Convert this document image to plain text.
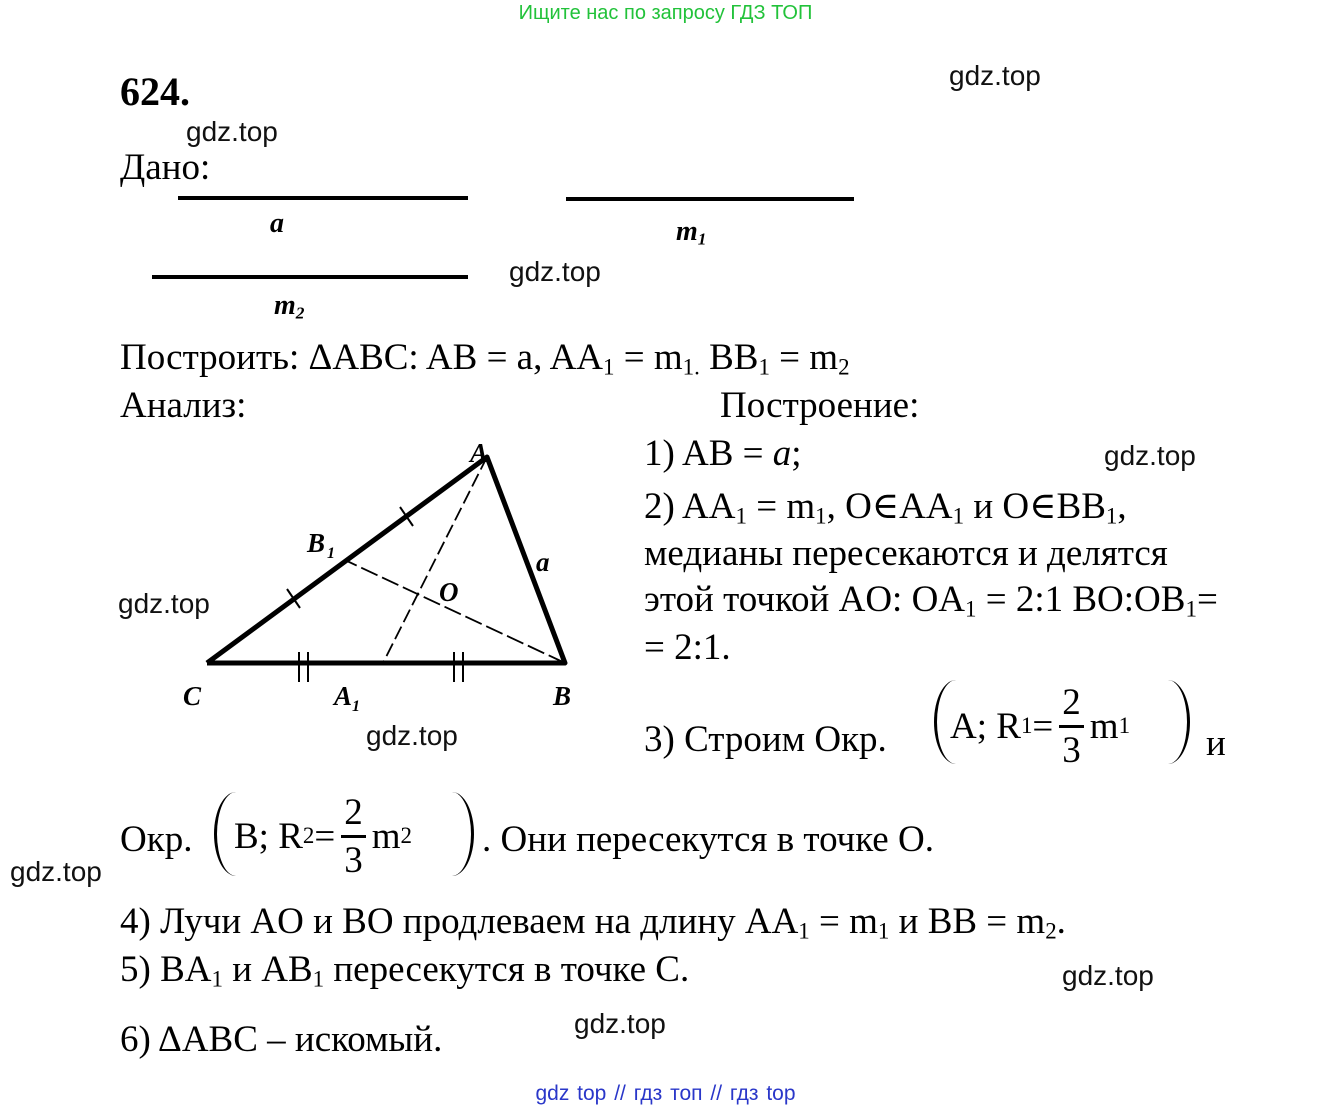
Ищите нас по запросу ГДЗ ТОП
624.	gdz.top
gdz.top
gdz.top
gdz.top
gdz.top
gdz.top
gdz.top
gdz.top
gdz.top
Дано:
a	$m_1$
$m_2$
Построить: ΔABC: AB = a, $AA_1 = m_{1.}$ $BB_1 = m_2$
Анализ:
A
B
C
O
a
A 1
B 1
Построение:
1) AB = a;
2) $AA_1 = m_1$, $O\in AA_1$ и $O\in BB_1$,
медианы пересекаются и делятся
этой точкой AO: $OA_1$ = 2:1 $BO:OB_1=$
= 2:1.
3) Строим Окр. A; R $1 = \frac{2}{3}$ m 1 и
Окр. B; R $2 = \frac{2}{3}$ m 2 . Они пересекутся в точке O.
4) Лучи AO и BO продлеваем на длину $AA_1 = m_1$ и BB = $m_2$.
5) $BA_1$ и $AB_1$ пересекутся в точке C.
6) ΔABC – искомый.
gdz top // гдз топ // гдз top
